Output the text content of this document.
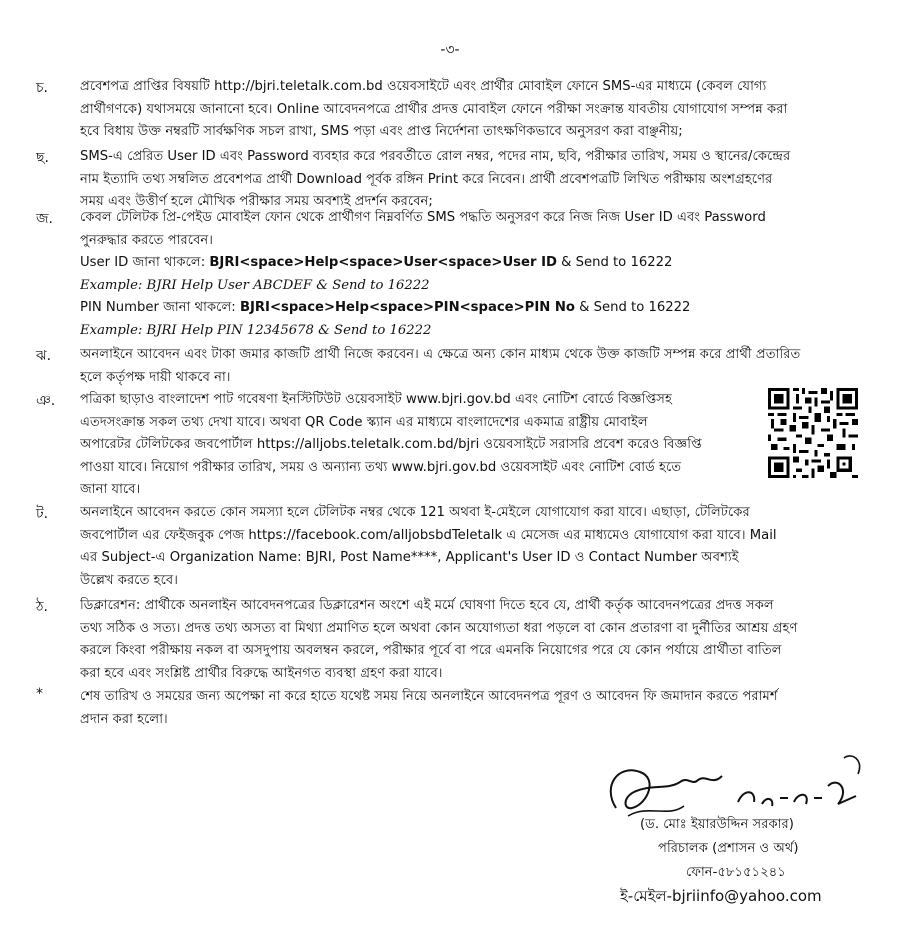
-৩-
চ. প্রবেশপত্র প্রাপ্তির বিষয়টি http://bjri.teletalk.com.bd ওয়েবসাইটে এবং প্রার্থীর মোবাইল ফোনে SMS-এর মাধ্যমে (কেবল যোগ্য
প্রার্থীগণকে) যথাসময়ে জানানো হবে। Online আবেদনপত্রে প্রার্থীর প্রদত্ত মোবাইল ফোনে পরীক্ষা সংক্রান্ত যাবতীয় যোগাযোগ সম্পন্ন করা
হবে বিধায় উক্ত নম্বরটি সার্বক্ষণিক সচল রাখা, SMS পড়া এবং প্রাপ্ত নির্দেশনা তাৎক্ষণিকভাবে অনুসরণ করা বাঞ্ছনীয়;
ছ. SMS-এ প্রেরিত User ID এবং Password ব্যবহার করে পরবর্তীতে রোল নম্বর, পদের নাম, ছবি, পরীক্ষার তারিখ, সময় ও স্থানের/কেন্দ্রের
নাম ইত্যাদি তথ্য সম্বলিত প্রবেশপত্র প্রার্থী Download পূর্বক রঙ্গিন Print করে নিবেন। প্রার্থী প্রবেশপত্রটি লিখিত পরীক্ষায় অংশগ্রহণের
সময় এবং উত্তীর্ণ হলে মৌখিক পরীক্ষার সময় অবশ্যই প্রদর্শন করবেন;
জ. কেবল টেলিটক প্রি-পেইড মোবাইল ফোন থেকে প্রার্থীগণ নিম্নবর্ণিত SMS পদ্ধতি অনুসরণ করে নিজ নিজ User ID এবং Password
পুনরুদ্ধার করতে পারবেন।
User ID জানা থাকলে: BJRI<space>Help<space>User<space>User ID & Send to 16222
Example: BJRI Help User ABCDEF & Send to 16222
PIN Number জানা থাকলে: BJRI<space>Help<space>PIN<space>PIN No & Send to 16222
Example: BJRI Help PIN 12345678 & Send to 16222
ঝ. অনলাইনে আবেদন এবং টাকা জমার কাজটি প্রার্থী নিজে করবেন। এ ক্ষেত্রে অন্য কোন মাধ্যম থেকে উক্ত কাজটি সম্পন্ন করে প্রার্থী প্রতারিত
হলে কর্তৃপক্ষ দায়ী থাকবে না।
ঞ. পত্রিকা ছাড়াও বাংলাদেশ পাট গবেষণা ইনস্টিটিউট ওয়েবসাইট www.bjri.gov.bd এবং নোটিশ বোর্ডে বিজ্ঞপ্তিসহ
এতদসংক্রান্ত সকল তথ্য দেখা যাবে। অথবা QR Code স্ক্যান এর মাধ্যমে বাংলাদেশের একমাত্র রাষ্ট্রীয় মোবাইল
অপারেটর টেলিটকের জবপোর্টাল https://alljobs.teletalk.com.bd/bjri ওয়েবসাইটে সরাসরি প্রবেশ করেও বিজ্ঞপ্তি
পাওয়া যাবে। নিয়োগ পরীক্ষার তারিখ, সময় ও অন্যান্য তথ্য www.bjri.gov.bd ওয়েবসাইট এবং নোটিশ বোর্ড হতে
জানা যাবে।
ট. অনলাইনে আবেদন করতে কোন সমস্যা হলে টেলিটক নম্বর থেকে 121 অথবা ই-মেইলে যোগাযোগ করা যাবে। এছাড়া, টেলিটকের
জবপোর্টাল এর ফেইজবুক পেজ https://facebook.com/alljobsbdTeletalk এ মেসেজ এর মাধ্যমেও যোগাযোগ করা যাবে। Mail
এর Subject-এ Organization Name: BJRI, Post Name****, Applicant's User ID ও Contact Number অবশ্যই
উল্লেখ করতে হবে।
ঠ. ডিক্লারেশন: প্রার্থীকে অনলাইন আবেদনপত্রের ডিক্লারেশন অংশে এই মর্মে ঘোষণা দিতে হবে যে, প্রার্থী কর্তৃক আবেদনপত্রের প্রদত্ত সকল
তথ্য সঠিক ও সত্য। প্রদত্ত তথ্য অসত্য বা মিথ্যা প্রমাণিত হলে অথবা কোন অযোগ্যতা ধরা পড়লে বা কোন প্রতারণা বা দুর্নীতির আশ্রয় গ্রহণ
করলে কিংবা পরীক্ষায় নকল বা অসদুপায় অবলম্বন করলে, পরীক্ষার পূর্বে বা পরে এমনকি নিয়োগের পরে যে কোন পর্যায়ে প্রার্থীতা বাতিল
করা হবে এবং সংশ্লিষ্ট প্রার্থীর বিরুদ্ধে আইনগত ব্যবস্থা গ্রহণ করা যাবে।
*	শেষ তারিখ ও সময়ের জন্য অপেক্ষা না করে হাতে যথেষ্ট সময় নিয়ে অনলাইনে আবেদনপত্র পূরণ ও আবেদন ফি জমাদান করতে পরামর্শ
প্রদান করা হলো।
(ড. মোঃ ইয়ারউদ্দিন সরকার)
পরিচালক (প্রশাসন ও অর্থ)
ফোন-৫৮১৫১২৪১
ই-মেইল-bjriinfo@yahoo.com
